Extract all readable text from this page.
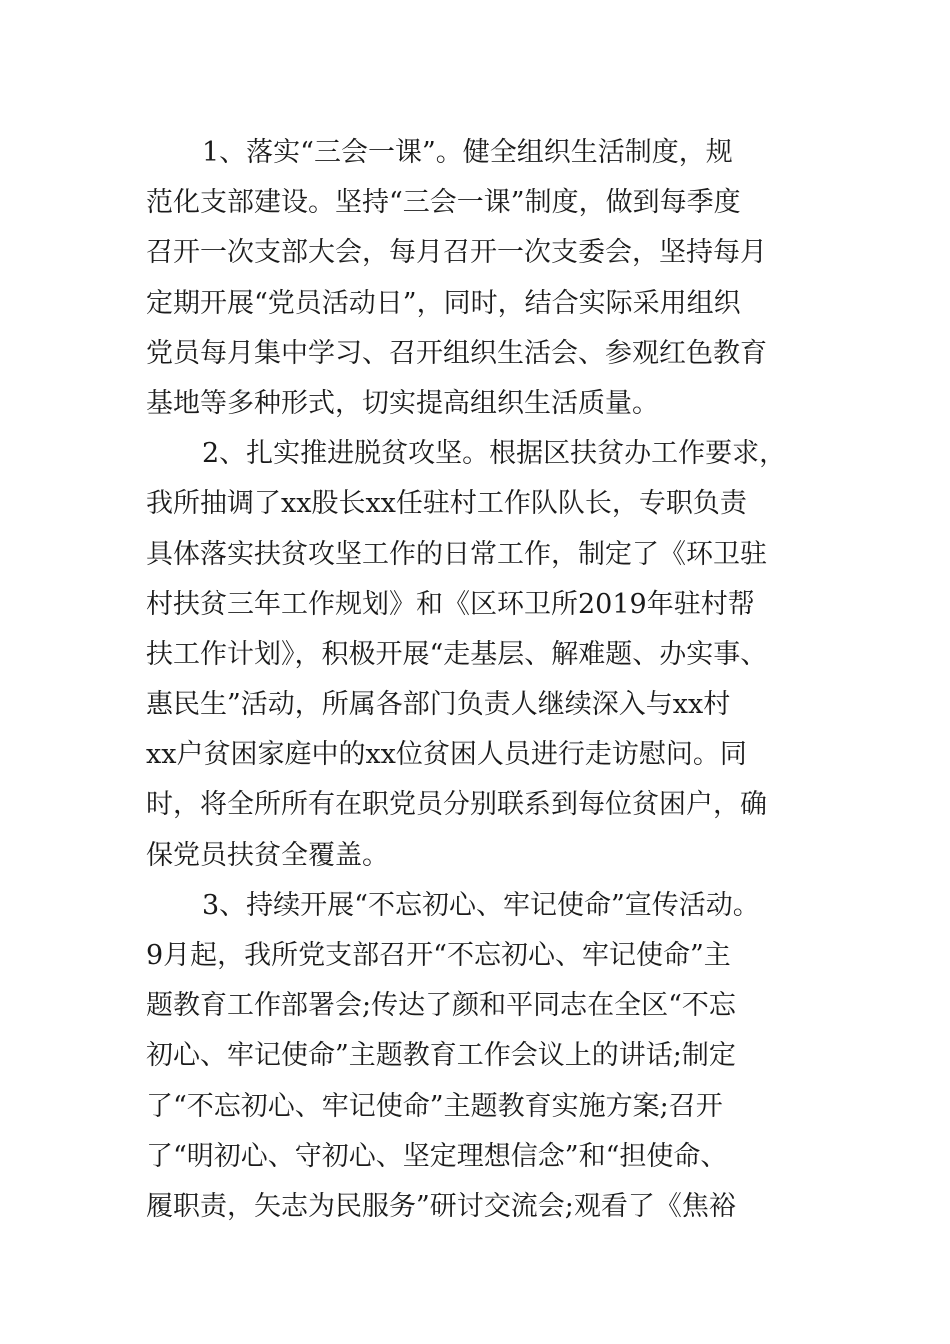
1、落实“三会一课”。健全组织生活制度，规
范化支部建设。坚持“三会一课”制度，做到每季度
召开一次支部大会，每月召开一次支委会，坚持每月
定期开展“党员活动日”，同时，结合实际采用组织
党员每月集中学习、召开组织生活会、参观红色教育
基地等多种形式，切实提高组织生活质量。
2、扎实推进脱贫攻坚。根据区扶贫办工作要求，
我所抽调了xx股长xx任驻村工作队队长，专职负责
具体落实扶贫攻坚工作的日常工作，制定了《环卫驻
村扶贫三年工作规划》和《区环卫所2019年驻村帮
扶工作计划》，积极开展“走基层、解难题、办实事、
惠民生”活动，所属各部门负责人继续深入与xx村
xx户贫困家庭中的xx位贫困人员进行走访慰问。同
时，将全所所有在职党员分别联系到每位贫困户，确
保党员扶贫全覆盖。
3、持续开展“不忘初心、牢记使命”宣传活动。
9月起，我所党支部召开“不忘初心、牢记使命”主
题教育工作部署会;传达了颜和平同志在全区“不忘
初心、牢记使命”主题教育工作会议上的讲话;制定
了“不忘初心、牢记使命”主题教育实施方案;召开
了“明初心、守初心、坚定理想信念”和“担使命、
履职责，矢志为民服务”研讨交流会;观看了《焦裕
